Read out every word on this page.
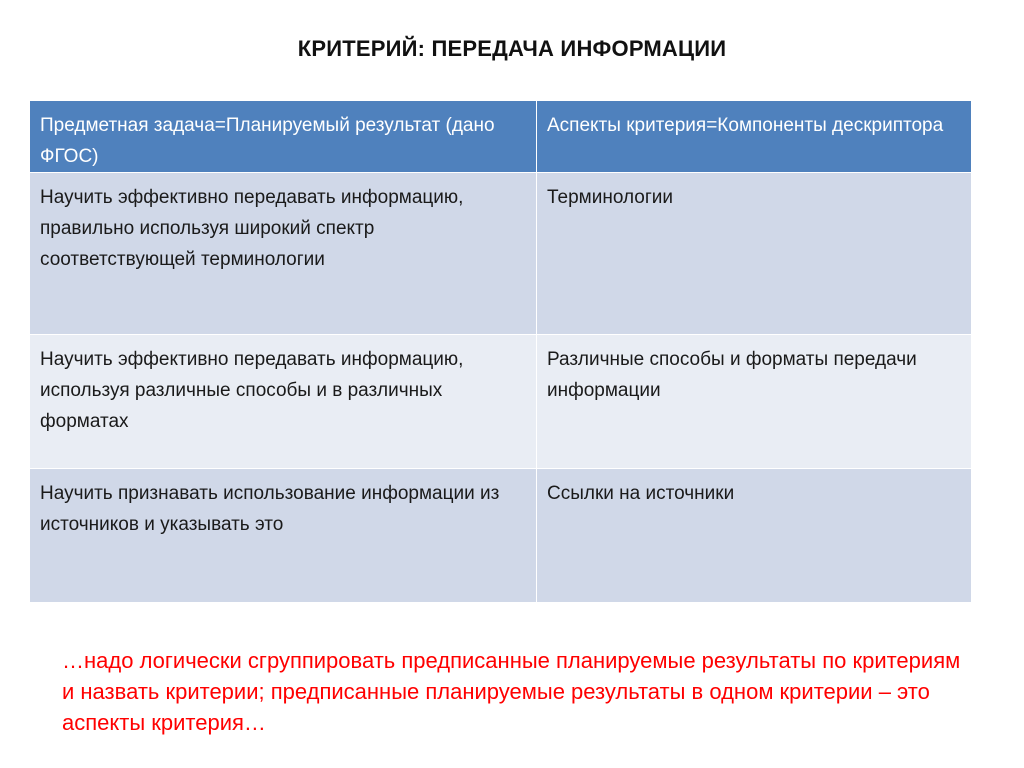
КРИТЕРИЙ: ПЕРЕДАЧА ИНФОРМАЦИИ
Предметная задача=Планируемый результат (дано ФГОС)	Аспекты критерия=Компоненты дескриптора
Научить эффективно передавать информацию, правильно используя широкий спектр соответствующей терминологии	Терминологии
Научить эффективно передавать информацию, используя различные способы и в различных форматах	Различные способы и форматы передачи информации
Научить признавать использование информации из источников и указывать это	Ссылки на источники
…надо логически сгруппировать предписанные планируемые результаты по критериям и назвать критерии; предписанные планируемые результаты в одном критерии – это аспекты критерия…
